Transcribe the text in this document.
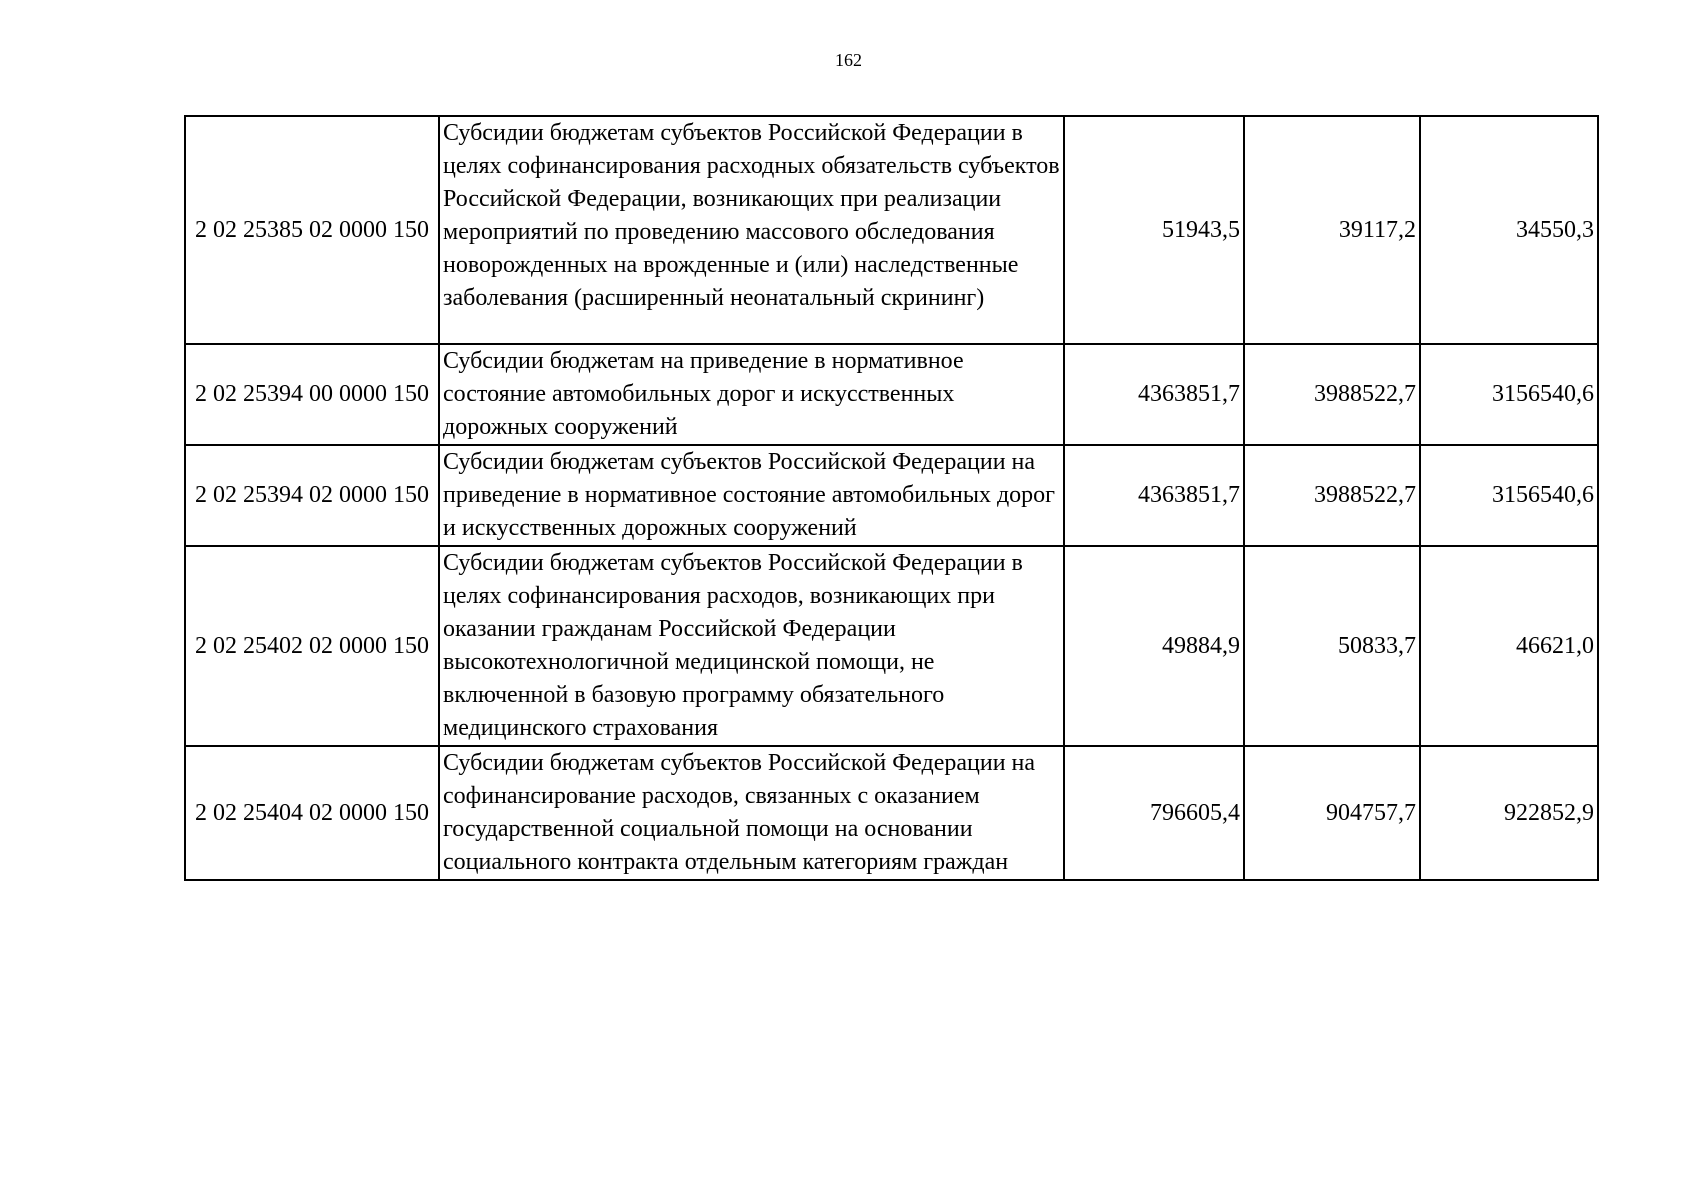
162
2 02 25385 02 0000 150	Субсидии бюджетам субъектов Российской Федерации в целях софинансирования расходных обязательств субъектов Российской Федерации, возникающих при реализации мероприятий по проведению массового обследования новорожденных на врожденные и (или) наследственные заболевания (расширенный неонатальный скрининг)	51943,5	39117,2	34550,3
2 02 25394 00 0000 150	Субсидии бюджетам на приведение в нормативное состояние автомобильных дорог и искусственных дорожных сооружений	4363851,7	3988522,7	3156540,6
2 02 25394 02 0000 150	Субсидии бюджетам субъектов Российской Федерации на приведение в нормативное состояние автомобильных дорог и искусственных дорожных сооружений	4363851,7	3988522,7	3156540,6
2 02 25402 02 0000 150	Субсидии бюджетам субъектов Российской Федерации в целях софинансирования расходов, возникающих при оказании гражданам Российской Федерации высокотехнологичной медицинской помощи, не включенной в базовую программу обязательного медицинского страхования	49884,9	50833,7	46621,0
2 02 25404 02 0000 150	Субсидии бюджетам субъектов Российской Федерации на софинансирование расходов, связанных с оказанием государственной социальной помощи на основании социального контракта отдельным категориям граждан	796605,4	904757,7	922852,9
